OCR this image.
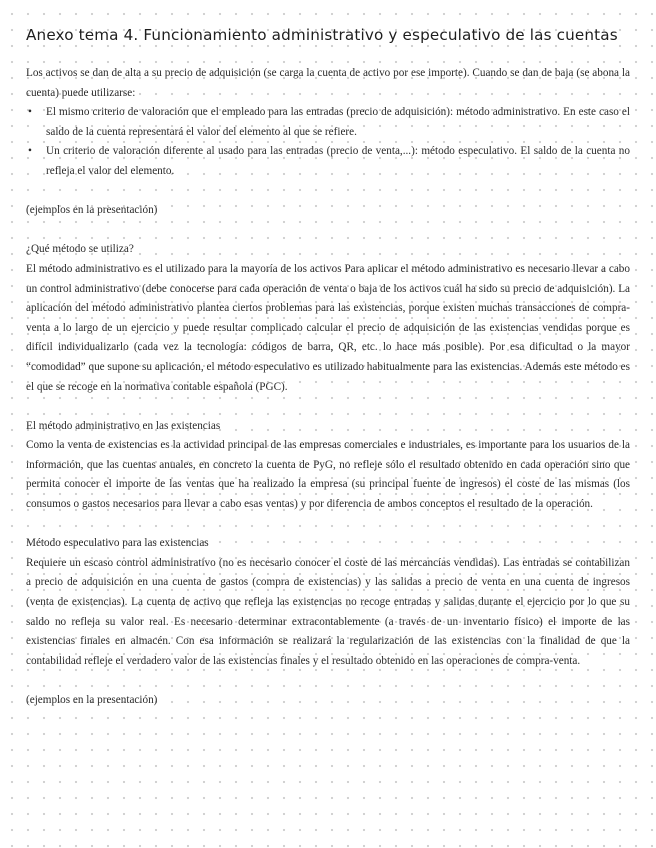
Anexo tema 4. Funcionamiento administrativo y especulativo de las cuentas

Los activos se dan de alta a su precio de adquisición (se carga la cuenta de activo por ese importe). Cuando se dan de baja (se abona la cuenta) puede utilizarse:

• El mismo criterio de valoración que el empleado para las entradas (precio de adquisición): método administrativo. En este caso el saldo de la cuenta representará el valor del elemento al que se refiere.
• Un criterio de valoración diferente al usado para las entradas (precio de venta,...): método especulativo. El saldo de la cuenta no refleja el valor del elemento.

(ejemplos en la presentación)

¿Qué método se utiliza?

El método administrativo es el utilizado para la mayoría de los activos Para aplicar el método administrativo es necesario llevar a cabo un control administrativo (debe conocerse para cada operación de venta o baja de los activos cuál ha sido su precio de adquisición). La aplicación del método administrativo plantea ciertos problemas para las existencias, porque existen muchas transacciones de compra-venta a lo largo de un ejercicio y puede resultar complicado calcular el precio de adquisición de las existencias vendidas porque es difícil individualizarlo (cada vez la tecnología: códigos de barra, QR, etc. lo hace más posible). Por esa dificultad o la mayor “comodidad” que supone su aplicación, el método especulativo es utilizado habitualmente para las existencias. Además este método es el que se recoge en la normativa contable española (PGC).

El método administrativo en las existencias

Como la venta de existencias es la actividad principal de las empresas comerciales e industriales, es importante para los usuarios de la información, que las cuentas anuales, en concreto la cuenta de PyG, no refleje sólo el resultado obtenido en cada operación sino que permita conocer el importe de las ventas que ha realizado la empresa (su principal fuente de ingresos) el coste de las mismas (los consumos o gastos necesarios para llevar a cabo esas ventas) y por diferencia de ambos conceptos el resultado de la operación.

Método especulativo para las existencias

Requiere un escaso control administrativo (no es necesario conocer el coste de las mercancías vendidas). Las entradas se contabilizan a precio de adquisición en una cuenta de gastos (compra de existencias) y las salidas a precio de venta en una cuenta de ingresos (venta de existencias). La cuenta de activo que refleja las existencias no recoge entradas y salidas durante el ejercicio por lo que su saldo no refleja su valor real. Es necesario determinar extracontablemente (a través de un inventario físico) el importe de las existencias finales en almacén. Con esa información se realizará la regularización de las existencias con la finalidad de que la contabilidad refleje el verdadero valor de las existencias finales y el resultado obtenido en las operaciones de compra-venta.

(ejemplos en la presentación)
